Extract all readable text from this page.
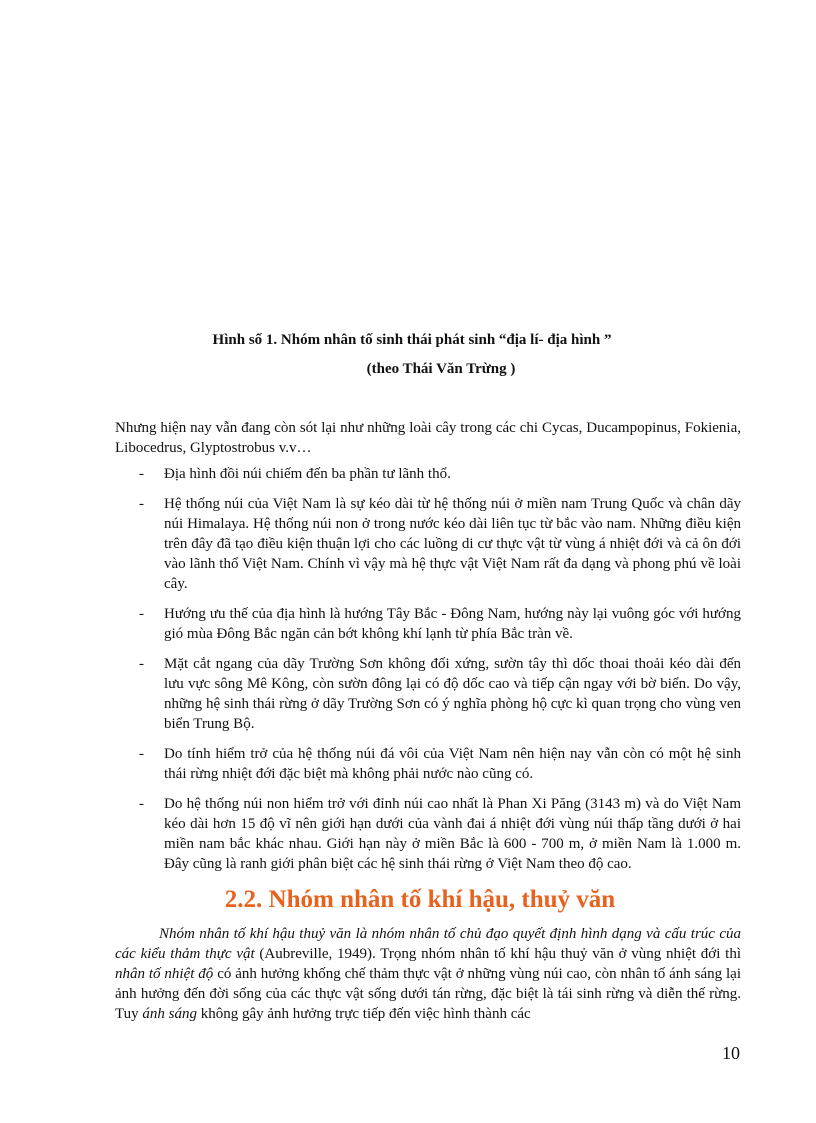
Hình số 1. Nhóm nhân tố sinh thái phát sinh “địa lí- địa hình ”
(theo Thái Văn Trừng )

Nhưng hiện nay vẫn đang còn sót lại như những loài cây trong các chi Cycas, Ducampopinus, Fokienia, Libocedrus, Glyptostrobus v.v…

- Địa hình đồi núi chiếm đến ba phần tư lãnh thổ.
- Hệ thống núi của Việt Nam là sự kéo dài từ hệ thống núi ở miền nam Trung Quốc và chân dãy núi Himalaya. Hệ thống núi non ở trong nước kéo dài liên tục từ bắc vào nam. Những điều kiện trên đây đã tạo điều kiện thuận lợi cho các luồng di cư thực vật từ vùng á nhiệt đới và cả ôn đới vào lãnh thổ Việt Nam. Chính vì vậy mà hệ thực vật Việt Nam rất đa dạng và phong phú về loài cây.
- Hướng ưu thế của địa hình là hướng Tây Bắc - Đông Nam, hướng này lại vuông góc với hướng gió mùa Đông Bắc ngăn cản bớt không khí lạnh từ phía Bắc tràn về.
- Mặt cắt ngang của dãy Trường Sơn không đối xứng, sườn tây thì dốc thoai thoải kéo dài đến lưu vực sông Mê Kông, còn sườn đông lại có độ dốc cao và tiếp cận ngay với bờ biển. Do vậy, những hệ sinh thái rừng ở dãy Trường Sơn có ý nghĩa phòng hộ cực kì quan trọng cho vùng ven biển Trung Bộ.
- Do tính hiểm trở của hệ thống núi đá vôi của Việt Nam nên hiện nay vẫn còn có một hệ sinh thái rừng nhiệt đới đặc biệt mà không phải nước nào cũng có.
- Do hệ thống núi non hiểm trở với đỉnh núi cao nhất là Phan Xi Păng (3143 m) và do Việt Nam kéo dài hơn 15 độ vĩ nên giới hạn dưới của vành đai á nhiệt đới vùng núi thấp tầng dưới ở hai miền nam bắc khác nhau. Giới hạn này ở miền Bắc là 600 - 700 m, ở miền Nam là 1.000 m. Đây cũng là ranh giới phân biệt các hệ sinh thái rừng ở Việt Nam theo độ cao.
2.2. Nhóm nhân tố khí hậu, thuỷ văn

Nhóm nhân tố khí hậu thuỷ văn là nhóm nhân tố chủ đạo quyết định hình dạng và cấu trúc của các kiểu thảm thực vật (Aubreville, 1949). Trọng nhóm nhân tố khí hậu thuỷ văn ở vùng nhiệt đới thì nhân tố nhiệt độ có ảnh hưởng khống chế thảm thực vật ở những vùng núi cao, còn nhân tố ánh sáng lại ảnh hưởng đến đời sống của các thực vật sống dưới tán rừng, đặc biệt là tái sinh rừng và diễn thế rừng. Tuy ánh sáng không gây ảnh hưởng trực tiếp đến việc hình thành các

10
